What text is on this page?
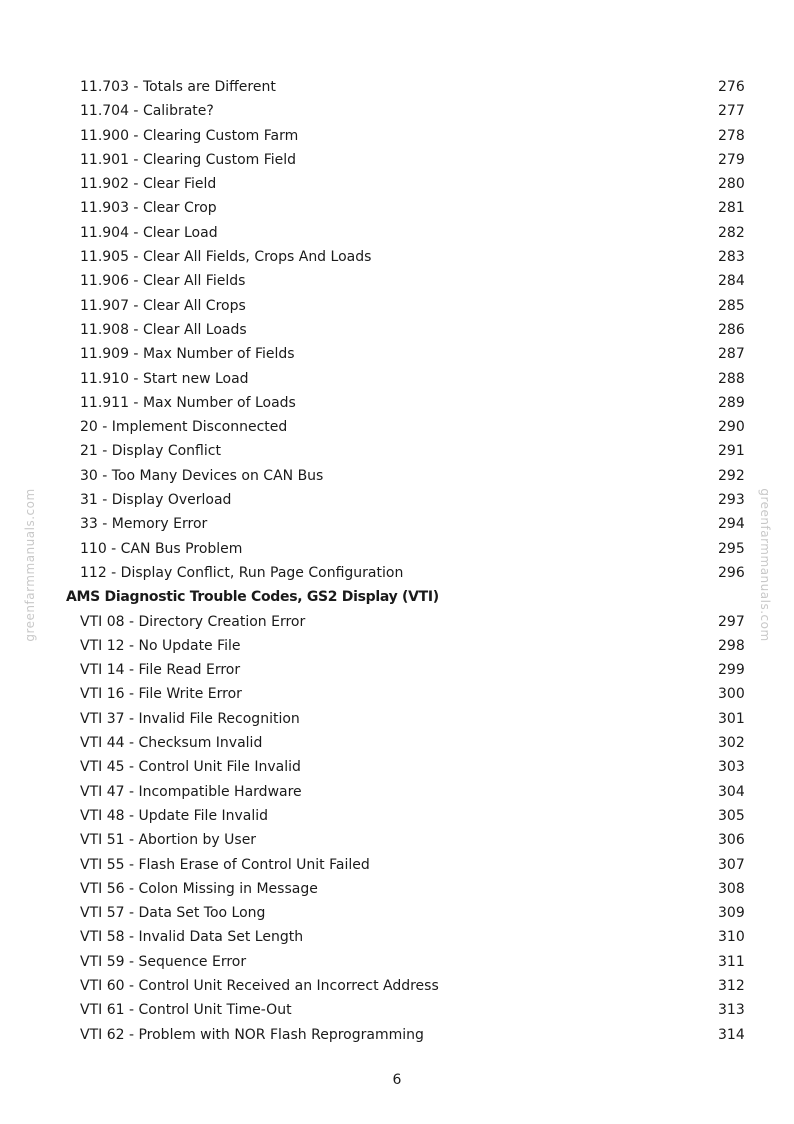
greenfarmmanuals.com	greenfarmmanuals.com
11.703 - Totals are Different	276
11.704 - Calibrate?	277
11.900 - Clearing Custom Farm	278
11.901 - Clearing Custom Field	279
11.902 - Clear Field	280
11.903 - Clear Crop	281
11.904 - Clear Load	282
11.905 - Clear All Fields, Crops And Loads	283
11.906 - Clear All Fields	284
11.907 - Clear All Crops	285
11.908 - Clear All Loads	286
11.909 - Max Number of Fields	287
11.910 - Start new Load	288
11.911 - Max Number of Loads	289
20 - Implement Disconnected	290
21 - Display Conflict	291
30 - Too Many Devices on CAN Bus	292
31 - Display Overload	293
33 - Memory Error	294
110 - CAN Bus Problem	295
112 - Display Conflict, Run Page Configuration	296
AMS Diagnostic Trouble Codes, GS2 Display (VTI)
VTI 08 - Directory Creation Error	297
VTI 12 - No Update File	298
VTI 14 - File Read Error	299
VTI 16 - File Write Error	300
VTI 37 - Invalid File Recognition	301
VTI 44 - Checksum Invalid	302
VTI 45 - Control Unit File Invalid	303
VTI 47 - Incompatible Hardware	304
VTI 48 - Update File Invalid	305
VTI 51 - Abortion by User	306
VTI 55 - Flash Erase of Control Unit Failed	307
VTI 56 - Colon Missing in Message	308
VTI 57 - Data Set Too Long	309
VTI 58 - Invalid Data Set Length	310
VTI 59 - Sequence Error	311
VTI 60 - Control Unit Received an Incorrect Address	312
VTI 61 - Control Unit Time-Out	313
VTI 62 - Problem with NOR Flash Reprogramming	314
6
